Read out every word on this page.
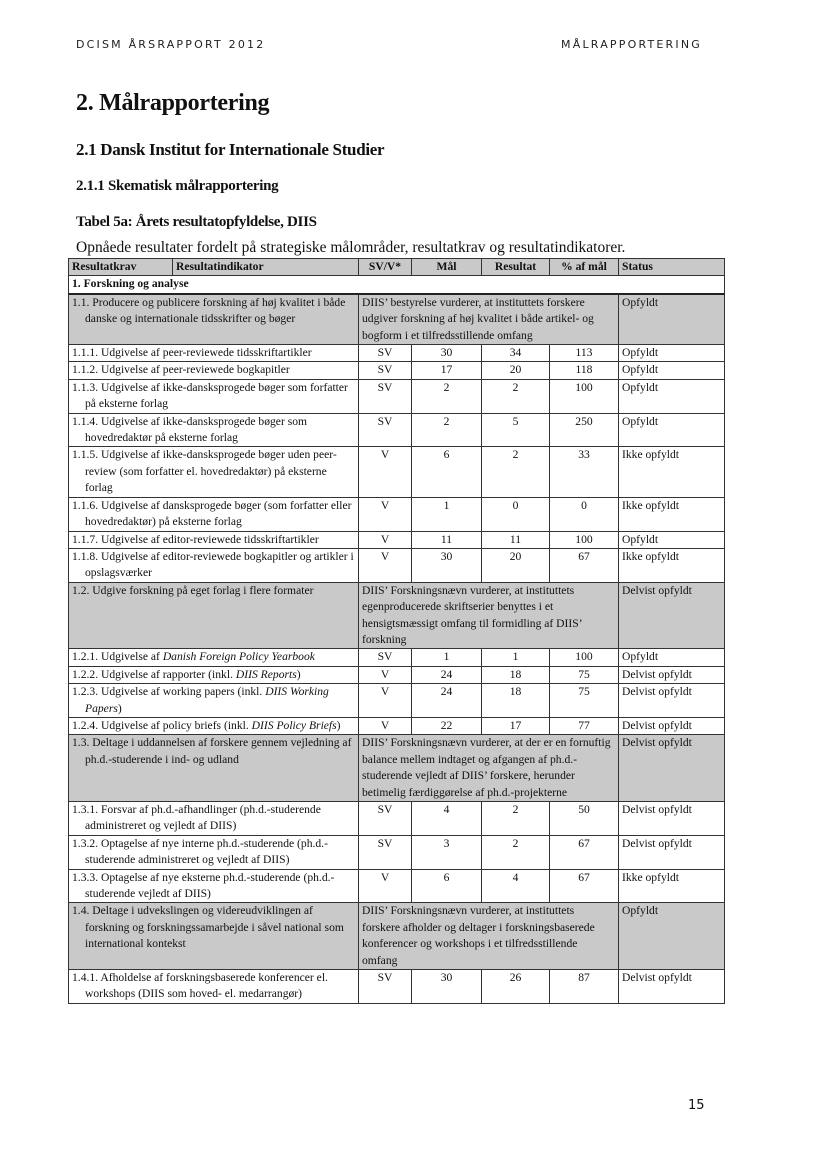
DCISM ÅRSRAPPORT 2012	MÅLRAPPORTERING
2. Målrapportering
2.1 Dansk Institut for Internationale Studier
2.1.1 Skematisk målrapportering
Tabel 5a: Årets resultatopfyldelse, DIIS
Opnåede resultater fordelt på strategiske målområder, resultatkrav og resultatindikatorer.
Resultatkrav	Resultatindikator	SV/V*	Mål	Resultat	% af mål	Status
1. Forskning og analyse						
1.1. Producere og publicere forskning af høj kvalitet i både danske og internationale tidsskrifter og bøger		DIIS’ bestyrelse vurderer, at instituttets forskere udgiver forskning af høj kvalitet i både artikel- og bogform i et tilfredsstillende omfang				Opfyldt
1.1.1. Udgivelse af peer-reviewede tidsskriftartikler		SV	30	34	113	Opfyldt
1.1.2. Udgivelse af peer-reviewede bogkapitler		SV	17	20	118	Opfyldt
1.1.3. Udgivelse af ikke-dansksprogede bøger som forfatter på eksterne forlag		SV	2	2	100	Opfyldt
1.1.4. Udgivelse af ikke-dansksprogede bøger som hovedredaktør på eksterne forlag		SV	2	5	250	Opfyldt
1.1.5. Udgivelse af ikke-dansksprogede bøger uden peer-review (som forfatter el. hovedredaktør) på eksterne forlag		V	6	2	33	Ikke opfyldt
1.1.6. Udgivelse af dansksprogede bøger (som forfatter eller hovedredaktør) på eksterne forlag		V	1	0	0	Ikke opfyldt
1.1.7. Udgivelse af editor-reviewede tidsskriftartikler		V	11	11	100	Opfyldt
1.1.8. Udgivelse af editor-reviewede bogkapitler og artikler i opslagsværker		V	30	20	67	Ikke opfyldt
1.2. Udgive forskning på eget forlag i flere formater		DIIS’ Forskningsnævn vurderer, at instituttets egenproducerede skriftserier benyttes i et hensigtsmæssigt omfang til formidling af DIIS’ forskning				Delvist opfyldt
1.2.1. Udgivelse af Danish Foreign Policy Yearbook		SV	1	1	100	Opfyldt
1.2.2. Udgivelse af rapporter (inkl. DIIS Reports)		V	24	18	75	Delvist opfyldt
1.2.3. Udgivelse af working papers (inkl. DIIS Working Papers)		V	24	18	75	Delvist opfyldt
1.2.4. Udgivelse af policy briefs (inkl. DIIS Policy Briefs)		V	22	17	77	Delvist opfyldt
1.3. Deltage i uddannelsen af forskere gennem vejledning af ph.d.-studerende i ind- og udland		DIIS’ Forskningsnævn vurderer, at der er en fornuftig balance mellem indtaget og afgangen af ph.d.-studerende vejledt af DIIS’ forskere, herunder betimelig færdiggørelse af ph.d.-projekterne				Delvist opfyldt
1.3.1. Forsvar af ph.d.-afhandlinger (ph.d.-studerende administreret og vejledt af DIIS)		SV	4	2	50	Delvist opfyldt
1.3.2. Optagelse af nye interne ph.d.-studerende (ph.d.-studerende administreret og vejledt af DIIS)		SV	3	2	67	Delvist opfyldt
1.3.3. Optagelse af nye eksterne ph.d.-studerende (ph.d.-studerende vejledt af DIIS)		V	6	4	67	Ikke opfyldt
1.4. Deltage i udvekslingen og videreudviklingen af forskning og forskningssamarbejde i såvel national som international kontekst		DIIS’ Forskningsnævn vurderer, at instituttets forskere afholder og deltager i forskningsbaserede konferencer og workshops i et tilfredsstillende omfang				Opfyldt
1.4.1. Afholdelse af forskningsbaserede konferencer el. workshops (DIIS som hoved- el. medarrangør)		SV	30	26	87	Delvist opfyldt
15
